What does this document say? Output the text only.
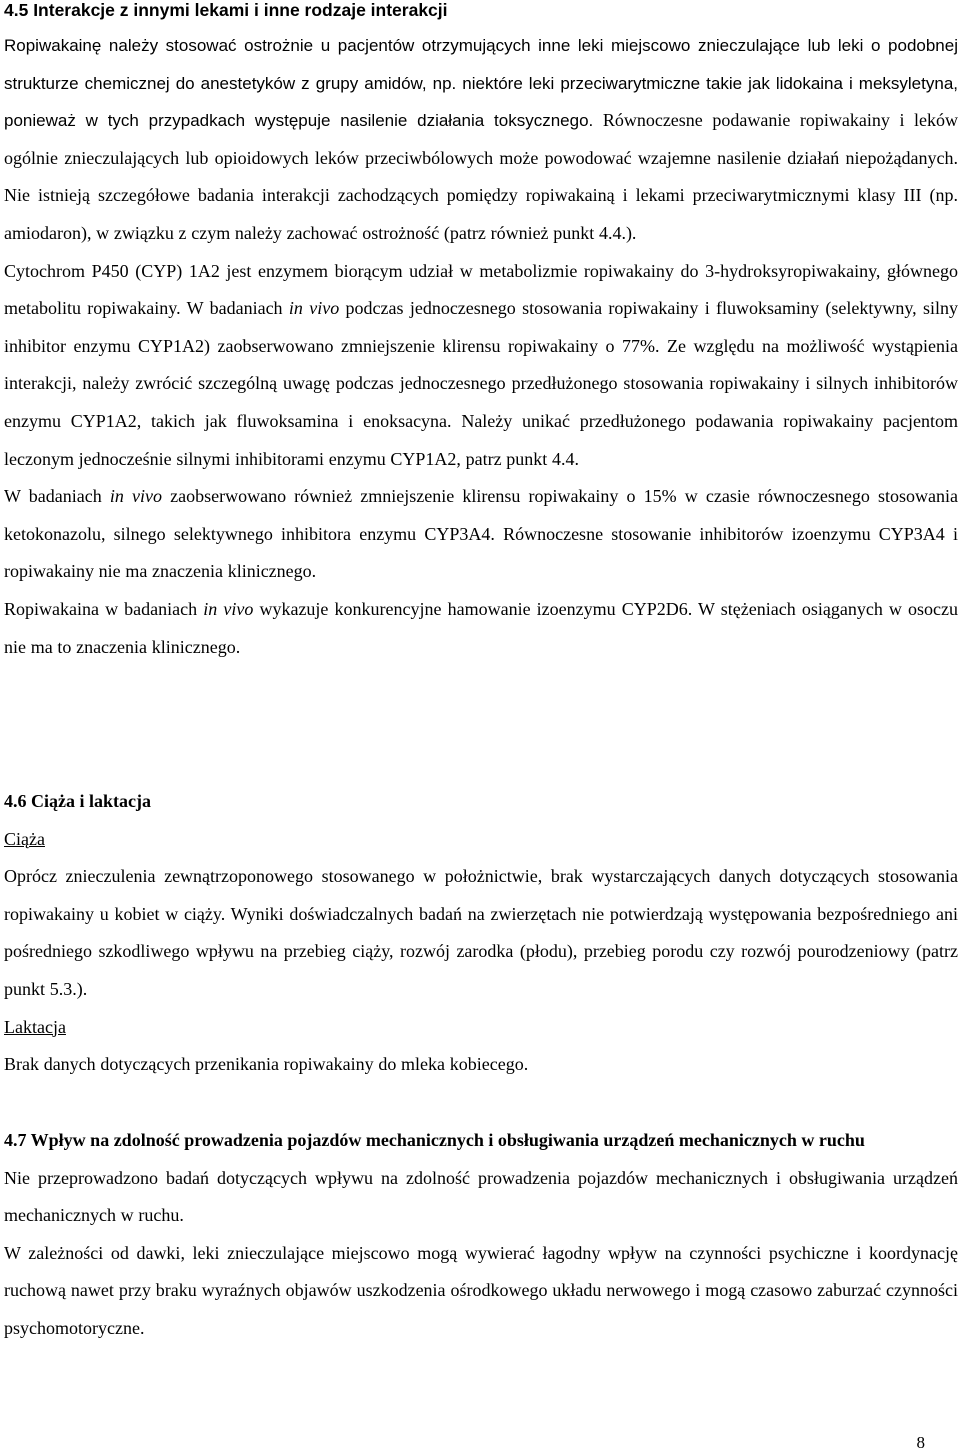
4.5 Interakcje z innymi lekami i inne rodzaje interakcji

Ropiwakainę należy stosować ostrożnie u pacjentów otrzymujących inne leki miejscowo znieczulające lub leki o podobnej strukturze chemicznej do anestetyków z grupy amidów, np. niektóre leki przeciwarytmiczne takie jak lidokaina i meksyletyna, ponieważ w tych przypadkach występuje nasilenie działania toksycznego. Równoczesne podawanie ropiwakainy i leków ogólnie znieczulających lub opioidowych leków przeciwbólowych może powodować wzajemne nasilenie działań niepożądanych. Nie istnieją szczegółowe badania interakcji zachodzących pomiędzy ropiwakainą i lekami przeciwarytmicznymi klasy III (np. amiodaron), w związku z czym należy zachować ostrożność (patrz również punkt 4.4.).

Cytochrom P450 (CYP) 1A2 jest enzymem biorącym udział w metabolizmie ropiwakainy do 3-hydroksyropiwakainy, głównego metabolitu ropiwakainy. W badaniach in vivo podczas jednoczesnego stosowania ropiwakainy i fluwoksaminy (selektywny, silny inhibitor enzymu CYP1A2) zaobserwowano zmniejszenie klirensu ropiwakainy o 77%. Ze względu na możliwość wystąpienia interakcji, należy zwrócić szczególną uwagę podczas jednoczesnego przedłużonego stosowania ropiwakainy i silnych inhibitorów enzymu CYP1A2, takich jak fluwoksamina i enoksacyna. Należy unikać przedłużonego podawania ropiwakainy pacjentom leczonym jednocześnie silnymi inhibitorami enzymu CYP1A2, patrz punkt 4.4.

W badaniach in vivo zaobserwowano również zmniejszenie klirensu ropiwakainy o 15% w czasie równoczesnego stosowania ketokonazolu, silnego selektywnego inhibitora enzymu CYP3A4. Równoczesne stosowanie inhibitorów izoenzymu CYP3A4 i ropiwakainy nie ma znaczenia klinicznego.

Ropiwakaina w badaniach in vivo wykazuje konkurencyjne hamowanie izoenzymu CYP2D6. W stężeniach osiąganych w osoczu nie ma to znaczenia klinicznego.

4.6 Ciąża i laktacja

Ciąża

Oprócz znieczulenia zewnątrzoponowego stosowanego w położnictwie, brak wystarczających danych dotyczących stosowania ropiwakainy u kobiet w ciąży. Wyniki doświadczalnych badań na zwierzętach nie potwierdzają występowania bezpośredniego ani pośredniego szkodliwego wpływu na przebieg ciąży, rozwój zarodka (płodu), przebieg porodu czy rozwój pourodzeniowy (patrz punkt 5.3.).

Laktacja

Brak danych dotyczących przenikania ropiwakainy do mleka kobiecego.

4.7 Wpływ na zdolność prowadzenia pojazdów mechanicznych i obsługiwania urządzeń mechanicznych w ruchu

Nie przeprowadzono badań dotyczących wpływu na zdolność prowadzenia pojazdów mechanicznych i obsługiwania urządzeń mechanicznych w ruchu.

W zależności od dawki, leki znieczulające miejscowo mogą wywierać łagodny wpływ na czynności psychiczne i koordynację ruchową nawet przy braku wyraźnych objawów uszkodzenia ośrodkowego układu nerwowego i mogą czasowo zaburzać czynności psychomotoryczne.

8
